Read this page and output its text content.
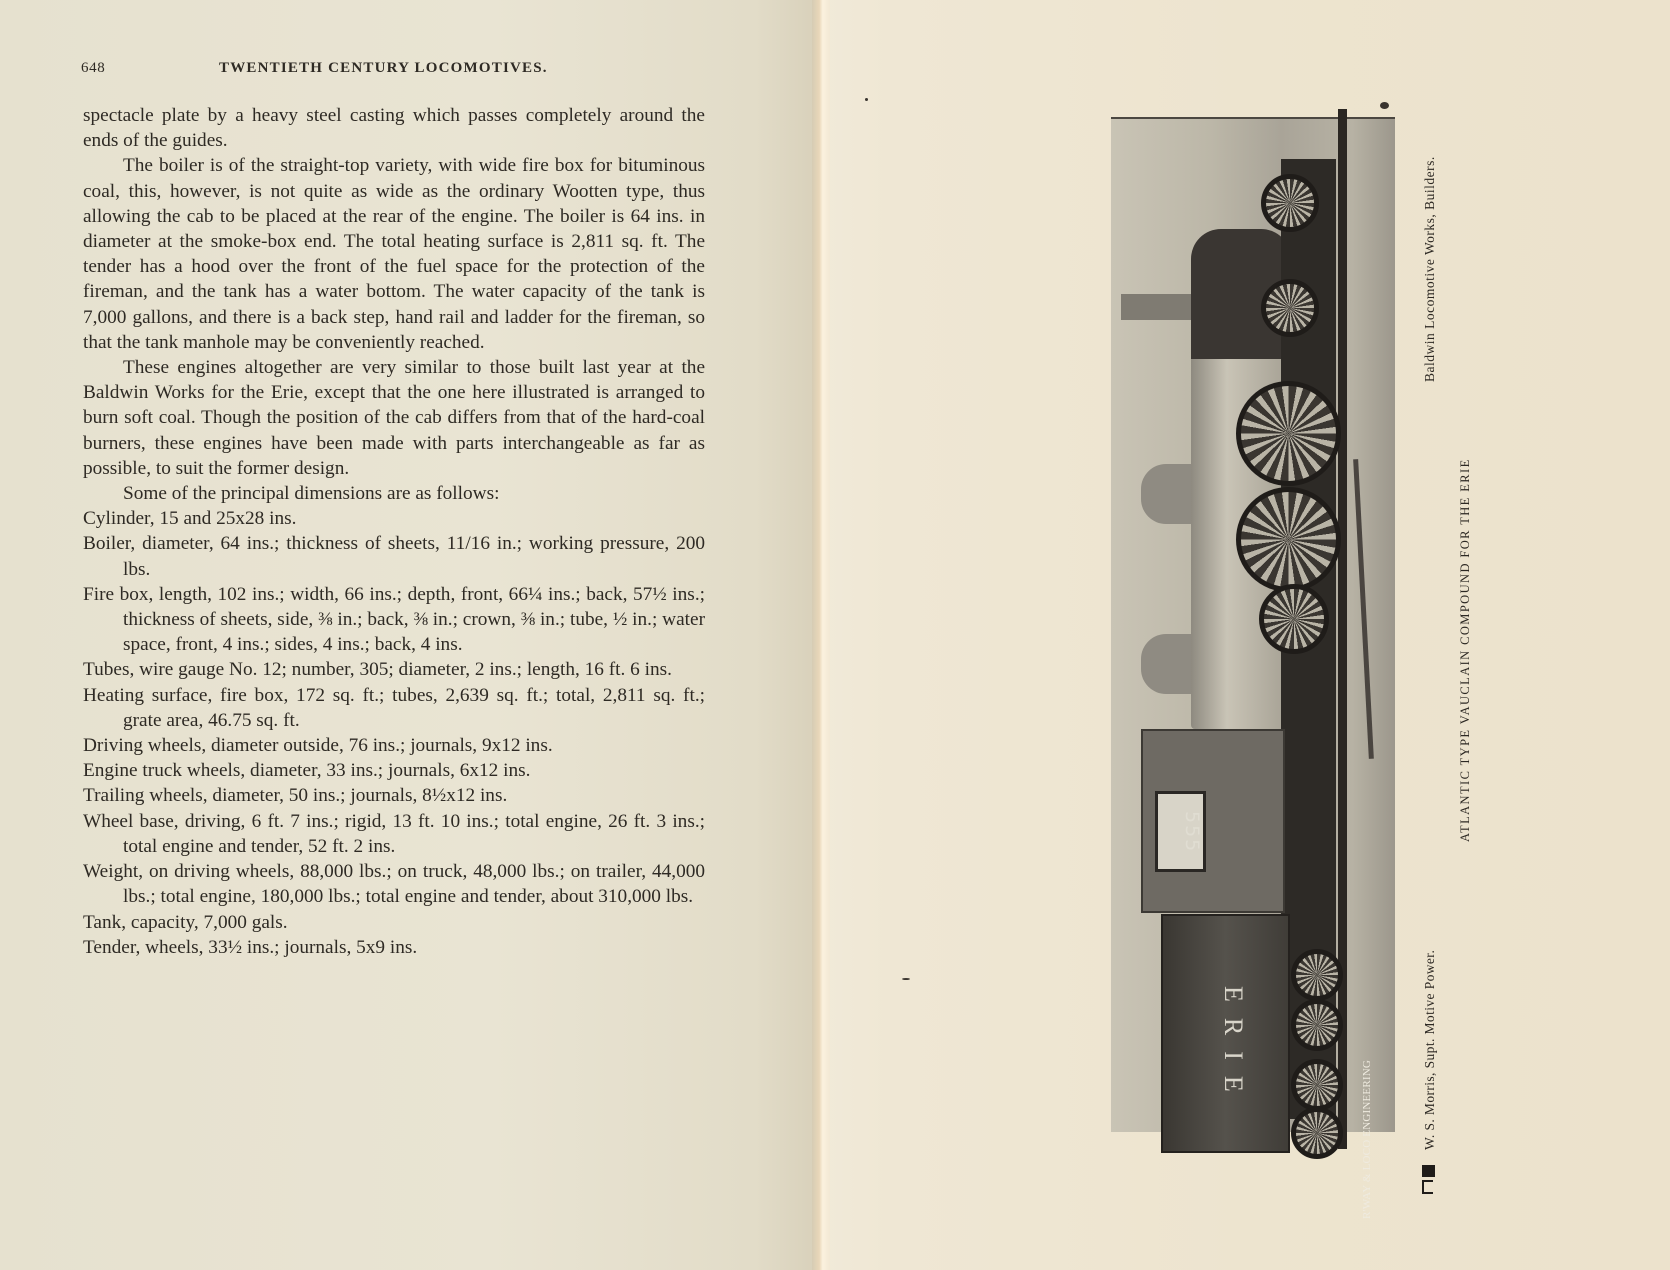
648	TWENTIETH CENTURY LOCOMOTIVES.

spectacle plate by a heavy steel casting which passes completely around the ends of the guides.

The boiler is of the straight-top variety, with wide fire box for bituminous coal, this, however, is not quite as wide as the ordinary Wootten type, thus allowing the cab to be placed at the rear of the engine. The boiler is 64 ins. in diameter at the smoke-box end. The total heating surface is 2,811 sq. ft. The tender has a hood over the front of the fuel space for the protection of the fireman, and the tank has a water bottom. The water capacity of the tank is 7,000 gallons, and there is a back step, hand rail and ladder for the fireman, so that the tank manhole may be conveniently reached.

These engines altogether are very similar to those built last year at the Baldwin Works for the Erie, except that the one here illustrated is arranged to burn soft coal. Though the position of the cab differs from that of the hard-coal burners, these engines have been made with parts interchangeable as far as possible, to suit the former design.

Some of the principal dimensions are as follows:

Cylinder, 15 and 25x28 ins.

Boiler, diameter, 64 ins.; thickness of sheets, 11/16 in.; working pressure, 200 lbs.

Fire box, length, 102 ins.; width, 66 ins.; depth, front, 66¼ ins.; back, 57½ ins.; thickness of sheets, side, ⅜ in.; back, ⅜ in.; crown, ⅜ in.; tube, ½ in.; water space, front, 4 ins.; sides, 4 ins.; back, 4 ins.

Tubes, wire gauge No. 12; number, 305; diameter, 2 ins.; length, 16 ft. 6 ins.

Heating surface, fire box, 172 sq. ft.; tubes, 2,639 sq. ft.; total, 2,811 sq. ft.; grate area, 46.75 sq. ft.

Driving wheels, diameter outside, 76 ins.; journals, 9x12 ins.

Engine truck wheels, diameter, 33 ins.; journals, 6x12 ins.

Trailing wheels, diameter, 50 ins.; journals, 8½x12 ins.

Wheel base, driving, 6 ft. 7 ins.; rigid, 13 ft. 10 ins.; total engine, 26 ft. 3 ins.; total engine and tender, 52 ft. 2 ins.

Weight, on driving wheels, 88,000 lbs.; on truck, 48,000 lbs.; on trailer, 44,000 lbs.; total engine, 180,000 lbs.; total engine and tender, about 310,000 lbs.

Tank, capacity, 7,000 gals.

Tender, wheels, 33½ ins.; journals, 5x9 ins.

555
ERIE
R'WAY & LOCO ENGINEERING
Baldwin Locomotive Works, Builders.
ATLANTIC TYPE VAUCLAIN COMPOUND FOR THE ERIE
W. S. Morris, Supt. Motive Power.
